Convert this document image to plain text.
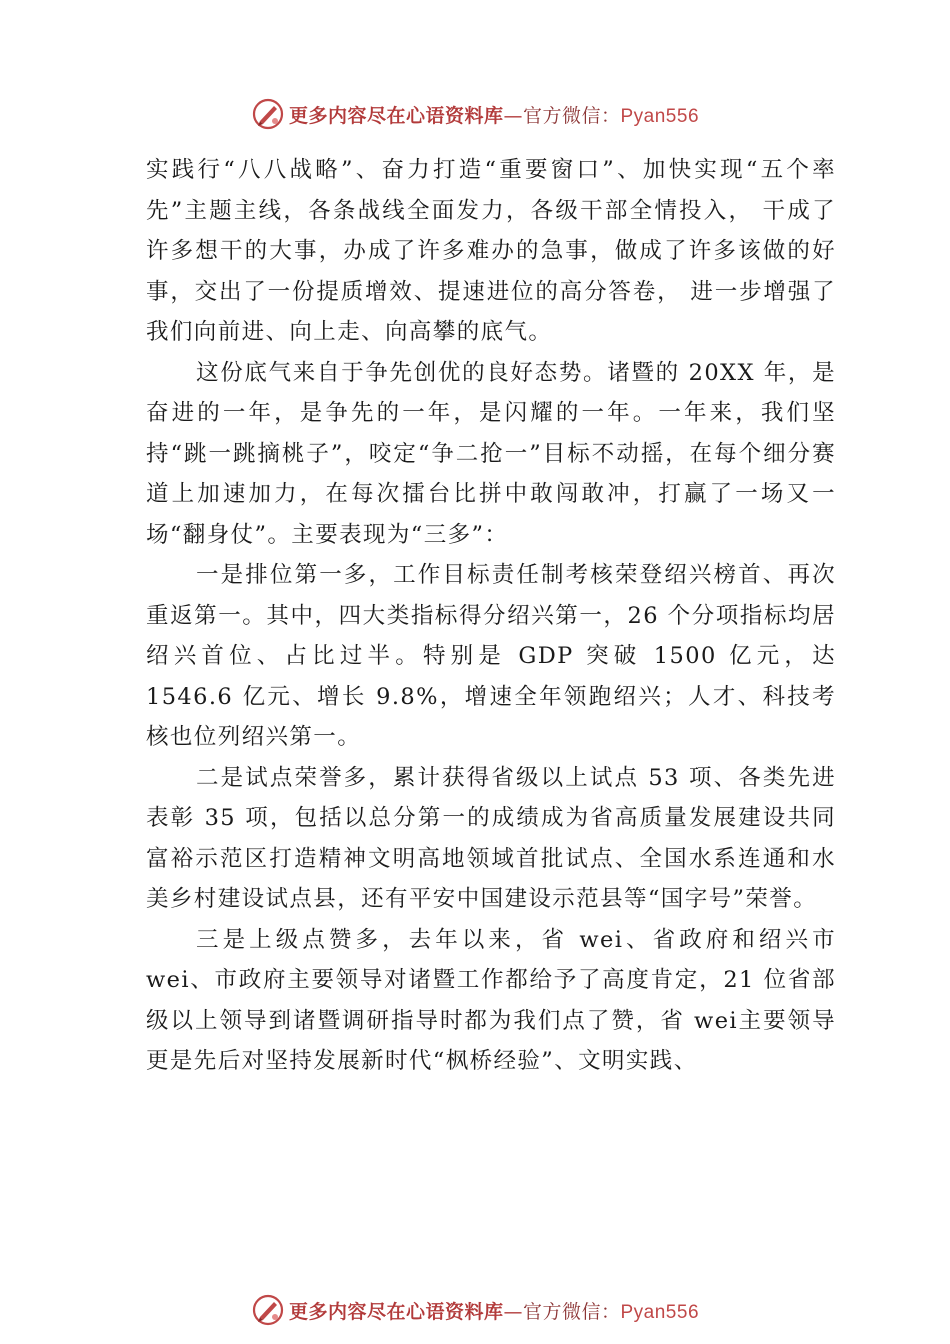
更多内容尽在心语资料库—官方微信：Pyan556

实践行“八八战略”、奋力打造“重要窗口”、加快实现“五个率先”主题主线，各条战线全面发力，各级干部全情投入， 干成了许多想干的大事，办成了许多难办的急事，做成了许多该做的好事，交出了一份提质增效、提速进位的高分答卷， 进一步增强了我们向前进、向上走、向高攀的底气。

这份底气来自于争先创优的良好态势。诸暨的 20XX 年，是奋进的一年，是争先的一年，是闪耀的一年。一年来，我们坚持“跳一跳摘桃子”，咬定“争二抢一”目标不动摇，在每个细分赛道上加速加力，在每次擂台比拼中敢闯敢冲，打赢了一场又一场“翻身仗”。主要表现为“三多”：

一是排位第一多，工作目标责任制考核荣登绍兴榜首、再次重返第一。其中，四大类指标得分绍兴第一，26 个分项指标均居绍兴首位、占比过半。特别是 GDP 突破 1500 亿元，达 1546.6 亿元、增长 9.8%，增速全年领跑绍兴；人才、科技考核也位列绍兴第一。

二是试点荣誉多，累计获得省级以上试点 53 项、各类先进表彰 35 项，包括以总分第一的成绩成为省高质量发展建设共同富裕示范区打造精神文明高地领域首批试点、全国水系连通和水美乡村建设试点县，还有平安中国建设示范县等“国字号”荣誉。

三是上级点赞多，去年以来，省 wei、省政府和绍兴市wei、市政府主要领导对诸暨工作都给予了高度肯定，21 位省部级以上领导到诸暨调研指导时都为我们点了赞，省 wei主要领导更是先后对坚持发展新时代“枫桥经验”、文明实践、

更多内容尽在心语资料库—官方微信：Pyan556
